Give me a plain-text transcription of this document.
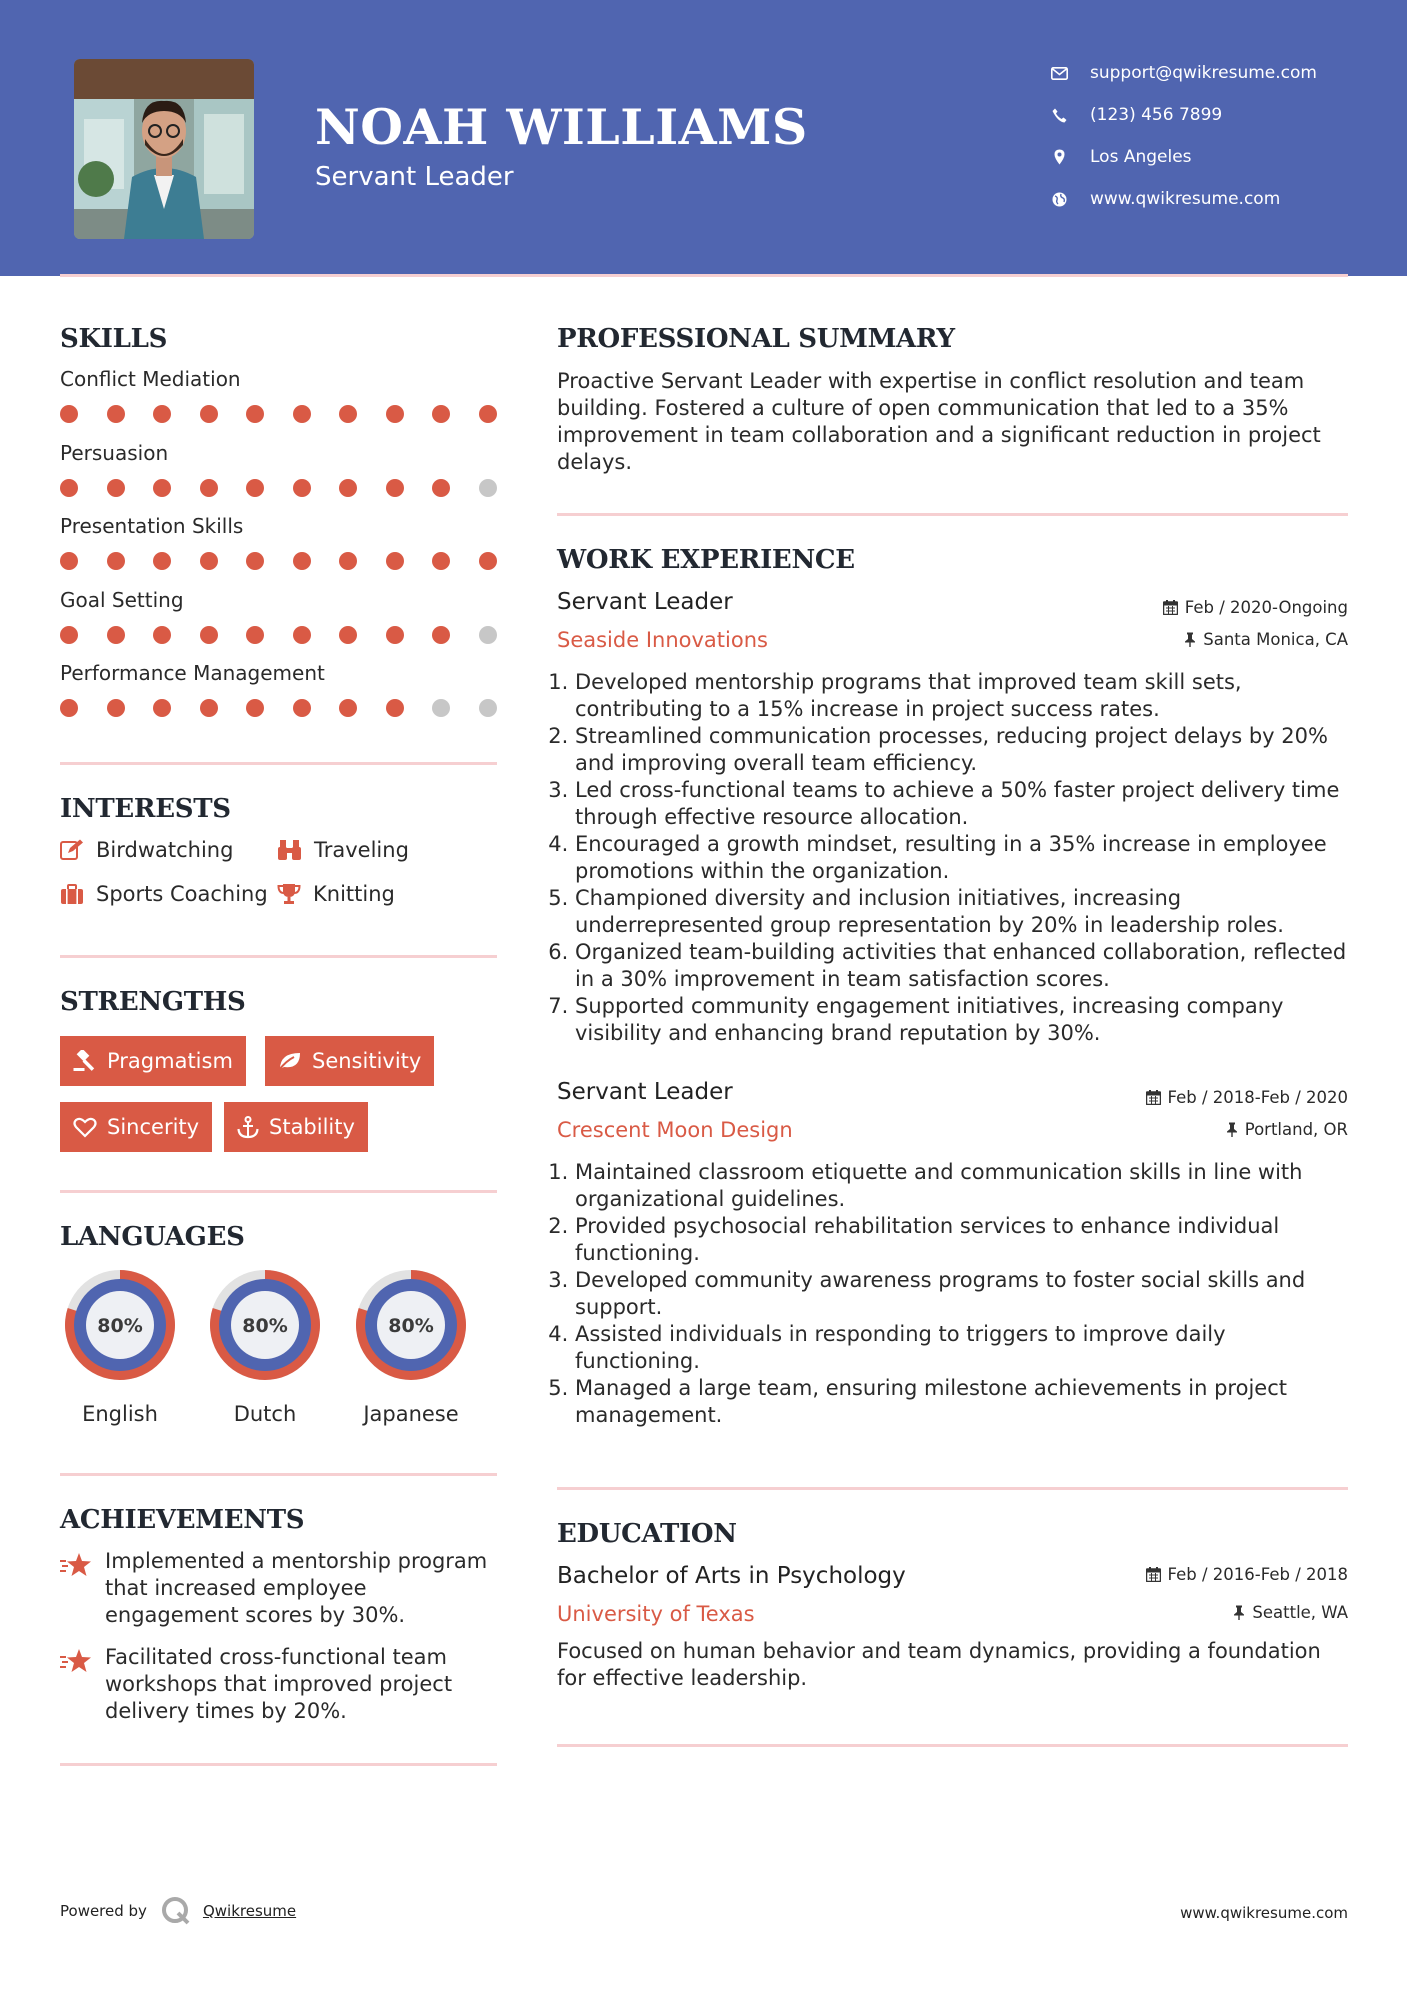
NOAH WILLIAMS
Servant Leader
support@qwikresume.com
(123) 456 7899
Los Angeles
www.qwikresume.com
SKILLS
Conflict Mediation
Persuasion
Presentation Skills
Goal Setting
Performance Management
INTERESTS
Birdwatching	Traveling
Sports Coaching Knitting
STRENGTHS
Pragmatism	Sensitivity
Sincerity	Stability
LANGUAGES
80%
English
80%
Dutch
80%
Japanese
ACHIEVEMENTS
Implemented a mentorship program that increased employee engagement scores by 30%.
Facilitated cross-functional team workshops that improved project delivery times by 20%.
PROFESSIONAL SUMMARY
Proactive Servant Leader with expertise in conflict resolution and team building. Fostered a culture of open communication that led to a 35% improvement in team collaboration and a significant reduction in project delays.
WORK EXPERIENCE
Servant Leader	Feb / 2020-Ongoing
Seaside Innovations	Santa Monica, CA
1. Developed mentorship programs that improved team skill sets, contributing to a 15% increase in project success rates.
2. Streamlined communication processes, reducing project delays by 20% and improving overall team efficiency.
3. Led cross-functional teams to achieve a 50% faster project delivery time through effective resource allocation.
4. Encouraged a growth mindset, resulting in a 35% increase in employee promotions within the organization.
5. Championed diversity and inclusion initiatives, increasing underrepresented group representation by 20% in leadership roles.
6. Organized team-building activities that enhanced collaboration, reflected in a 30% improvement in team satisfaction scores.
7. Supported community engagement initiatives, increasing company visibility and enhancing brand reputation by 30%.
Servant Leader	Feb / 2018-Feb / 2020
Crescent Moon Design	Portland, OR
1. Maintained classroom etiquette and communication skills in line with organizational guidelines.
2. Provided psychosocial rehabilitation services to enhance individual functioning.
3. Developed community awareness programs to foster social skills and support.
4. Assisted individuals in responding to triggers to improve daily functioning.
5. Managed a large team, ensuring milestone achievements in project management.
EDUCATION
Bachelor of Arts in Psychology	Feb / 2016-Feb / 2018
University of Texas	Seattle, WA
Focused on human behavior and team dynamics, providing a foundation for effective leadership.
Powered by	Qwikresume	www.qwikresume.com
